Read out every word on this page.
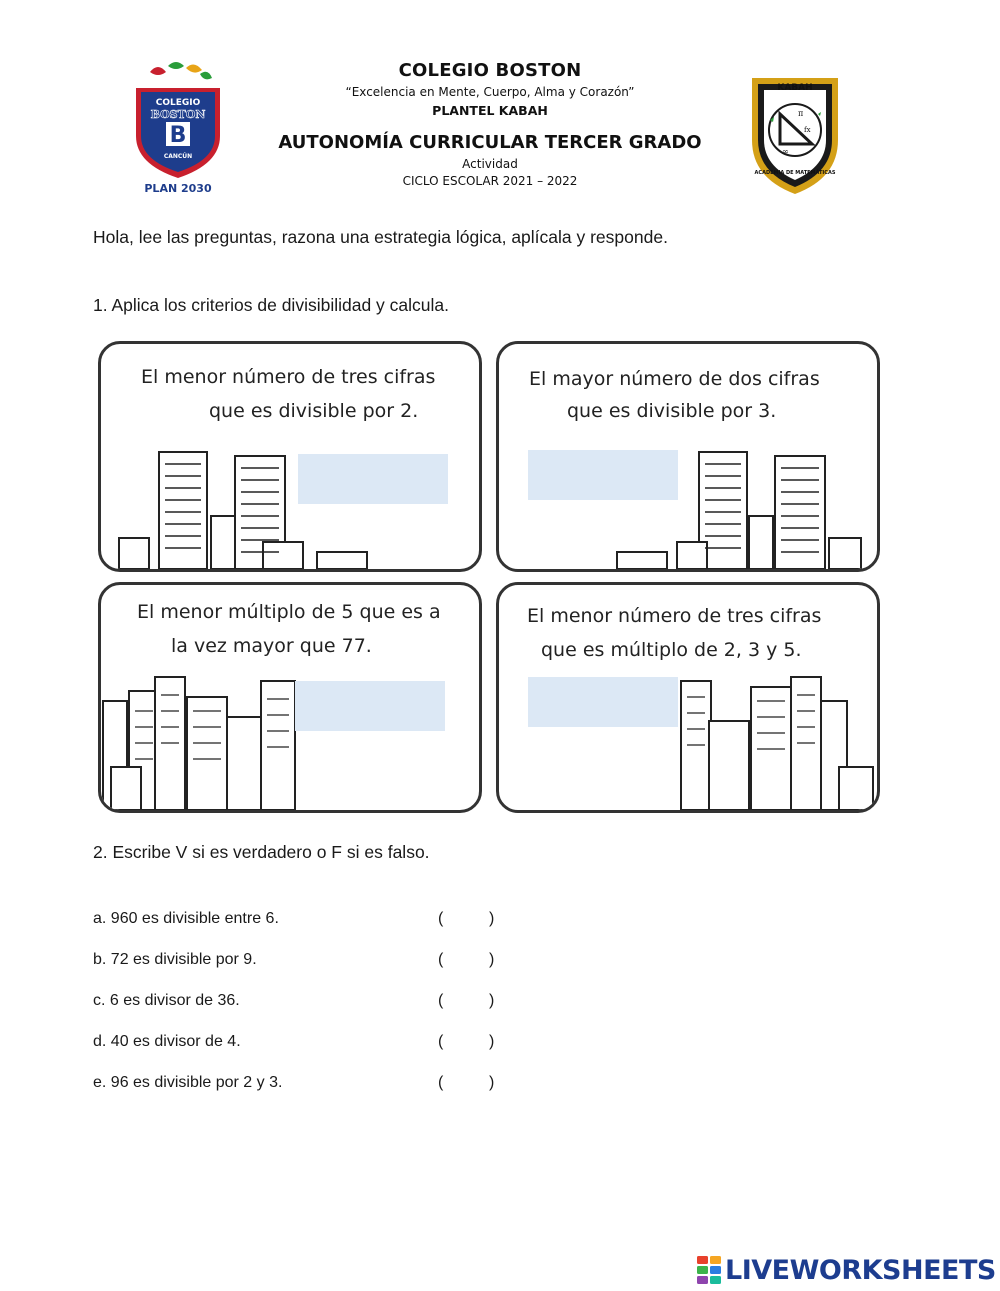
COLEGIO
BOSTON
B
CANCÚN
PLAN 2030
COLEGIO BOSTON
“Excelencia en Mente, Cuerpo, Alma y Corazón”
PLANTEL KABAH
AUTONOMÍA CURRICULAR TERCER GRADO
Actividad
CICLO ESCOLAR 2021 – 2022
KABAH
ACADEMIA DE MATEMÁTICAS
π
fx
∞
Hola, lee las preguntas, razona una estrategia lógica, aplícala y responde.
1. Aplica los criterios de divisibilidad y calcula.
El menor número de tres cifras
que es divisible por 2.
El mayor número de dos cifras
que es divisible por 3.
El menor múltiplo de 5 que es a
la vez mayor que 77.
El menor número de tres cifras
que es múltiplo de 2, 3 y 5.
2. Escribe V si es verdadero o F si es falso.
a. 960 es divisible entre 6.	(	)
b. 72 es divisible por 9.	(	)
c. 6 es divisor de 36.	(	)
d. 40 es divisor de 4.	(	)
e. 96 es divisible por 2 y 3.	(	)
LIVEWORKSHEETS
